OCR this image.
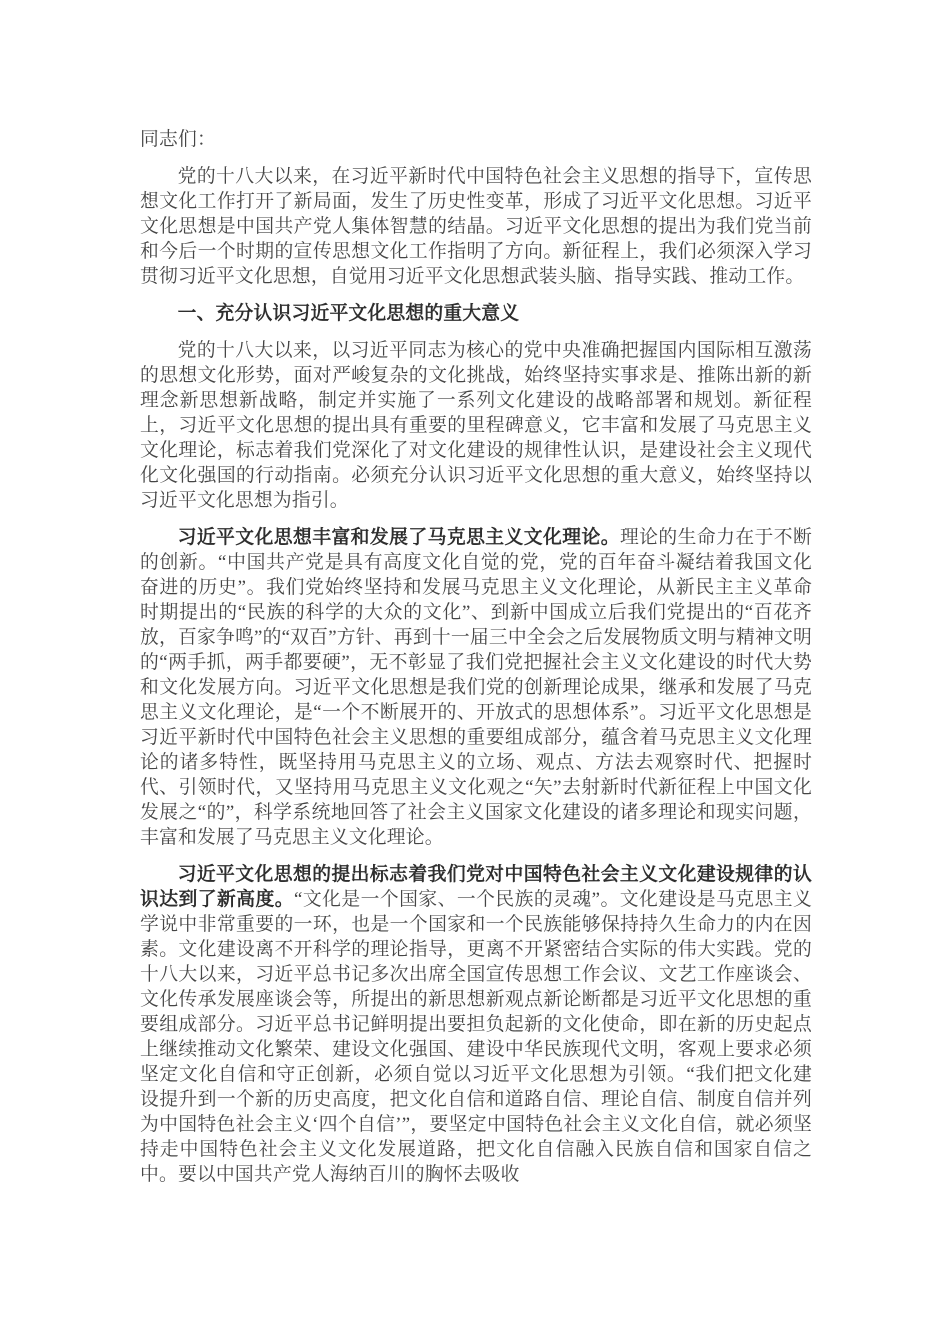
同志们：

党的十八大以来，在习近平新时代中国特色社会主义思想的指导下，宣传思想文化工作打开了新局面，发生了历史性变革，形成了习近平文化思想。习近平文化思想是中国共产党人集体智慧的结晶。习近平文化思想的提出为我们党当前和今后一个时期的宣传思想文化工作指明了方向。新征程上，我们必须深入学习贯彻习近平文化思想，自觉用习近平文化思想武装头脑、指导实践、推动工作。

一、充分认识习近平文化思想的重大意义

党的十八大以来，以习近平同志为核心的党中央准确把握国内国际相互激荡的思想文化形势，面对严峻复杂的文化挑战，始终坚持实事求是、推陈出新的新理念新思想新战略，制定并实施了一系列文化建设的战略部署和规划。新征程上，习近平文化思想的提出具有重要的里程碑意义，它丰富和发展了马克思主义文化理论，标志着我们党深化了对文化建设的规律性认识，是建设社会主义现代化文化强国的行动指南。必须充分认识习近平文化思想的重大意义，始终坚持以习近平文化思想为指引。

习近平文化思想丰富和发展了马克思主义文化理论。理论的生命力在于不断的创新。“中国共产党是具有高度文化自觉的党，党的百年奋斗凝结着我国文化奋进的历史”。我们党始终坚持和发展马克思主义文化理论，从新民主主义革命时期提出的“民族的科学的大众的文化”、到新中国成立后我们党提出的“百花齐放，百家争鸣”的“双百”方针、再到十一届三中全会之后发展物质文明与精神文明的“两手抓，两手都要硬”，无不彰显了我们党把握社会主义文化建设的时代大势和文化发展方向。习近平文化思想是我们党的创新理论成果，继承和发展了马克思主义文化理论，是“一个不断展开的、开放式的思想体系”。习近平文化思想是习近平新时代中国特色社会主义思想的重要组成部分，蕴含着马克思主义文化理论的诸多特性，既坚持用马克思主义的立场、观点、方法去观察时代、把握时代、引领时代，又坚持用马克思主义文化观之“矢”去射新时代新征程上中国文化发展之“的”，科学系统地回答了社会主义国家文化建设的诸多理论和现实问题，丰富和发展了马克思主义文化理论。

习近平文化思想的提出标志着我们党对中国特色社会主义文化建设规律的认识达到了新高度。“文化是一个国家、一个民族的灵魂”。文化建设是马克思主义学说中非常重要的一环，也是一个国家和一个民族能够保持持久生命力的内在因素。文化建设离不开科学的理论指导，更离不开紧密结合实际的伟大实践。党的十八大以来，习近平总书记多次出席全国宣传思想工作会议、文艺工作座谈会、文化传承发展座谈会等，所提出的新思想新观点新论断都是习近平文化思想的重要组成部分。习近平总书记鲜明提出要担负起新的文化使命，即在新的历史起点上继续推动文化繁荣、建设文化强国、建设中华民族现代文明，客观上要求必须坚定文化自信和守正创新，必须自觉以习近平文化思想为引领。“我们把文化建设提升到一个新的历史高度，把文化自信和道路自信、理论自信、制度自信并列为中国特色社会主义‘四个自信’”，要坚定中国特色社会主义文化自信，就必须坚持走中国特色社会主义文化发展道路，把文化自信融入民族自信和国家自信之中。要以中国共产党人海纳百川的胸怀去吸收
